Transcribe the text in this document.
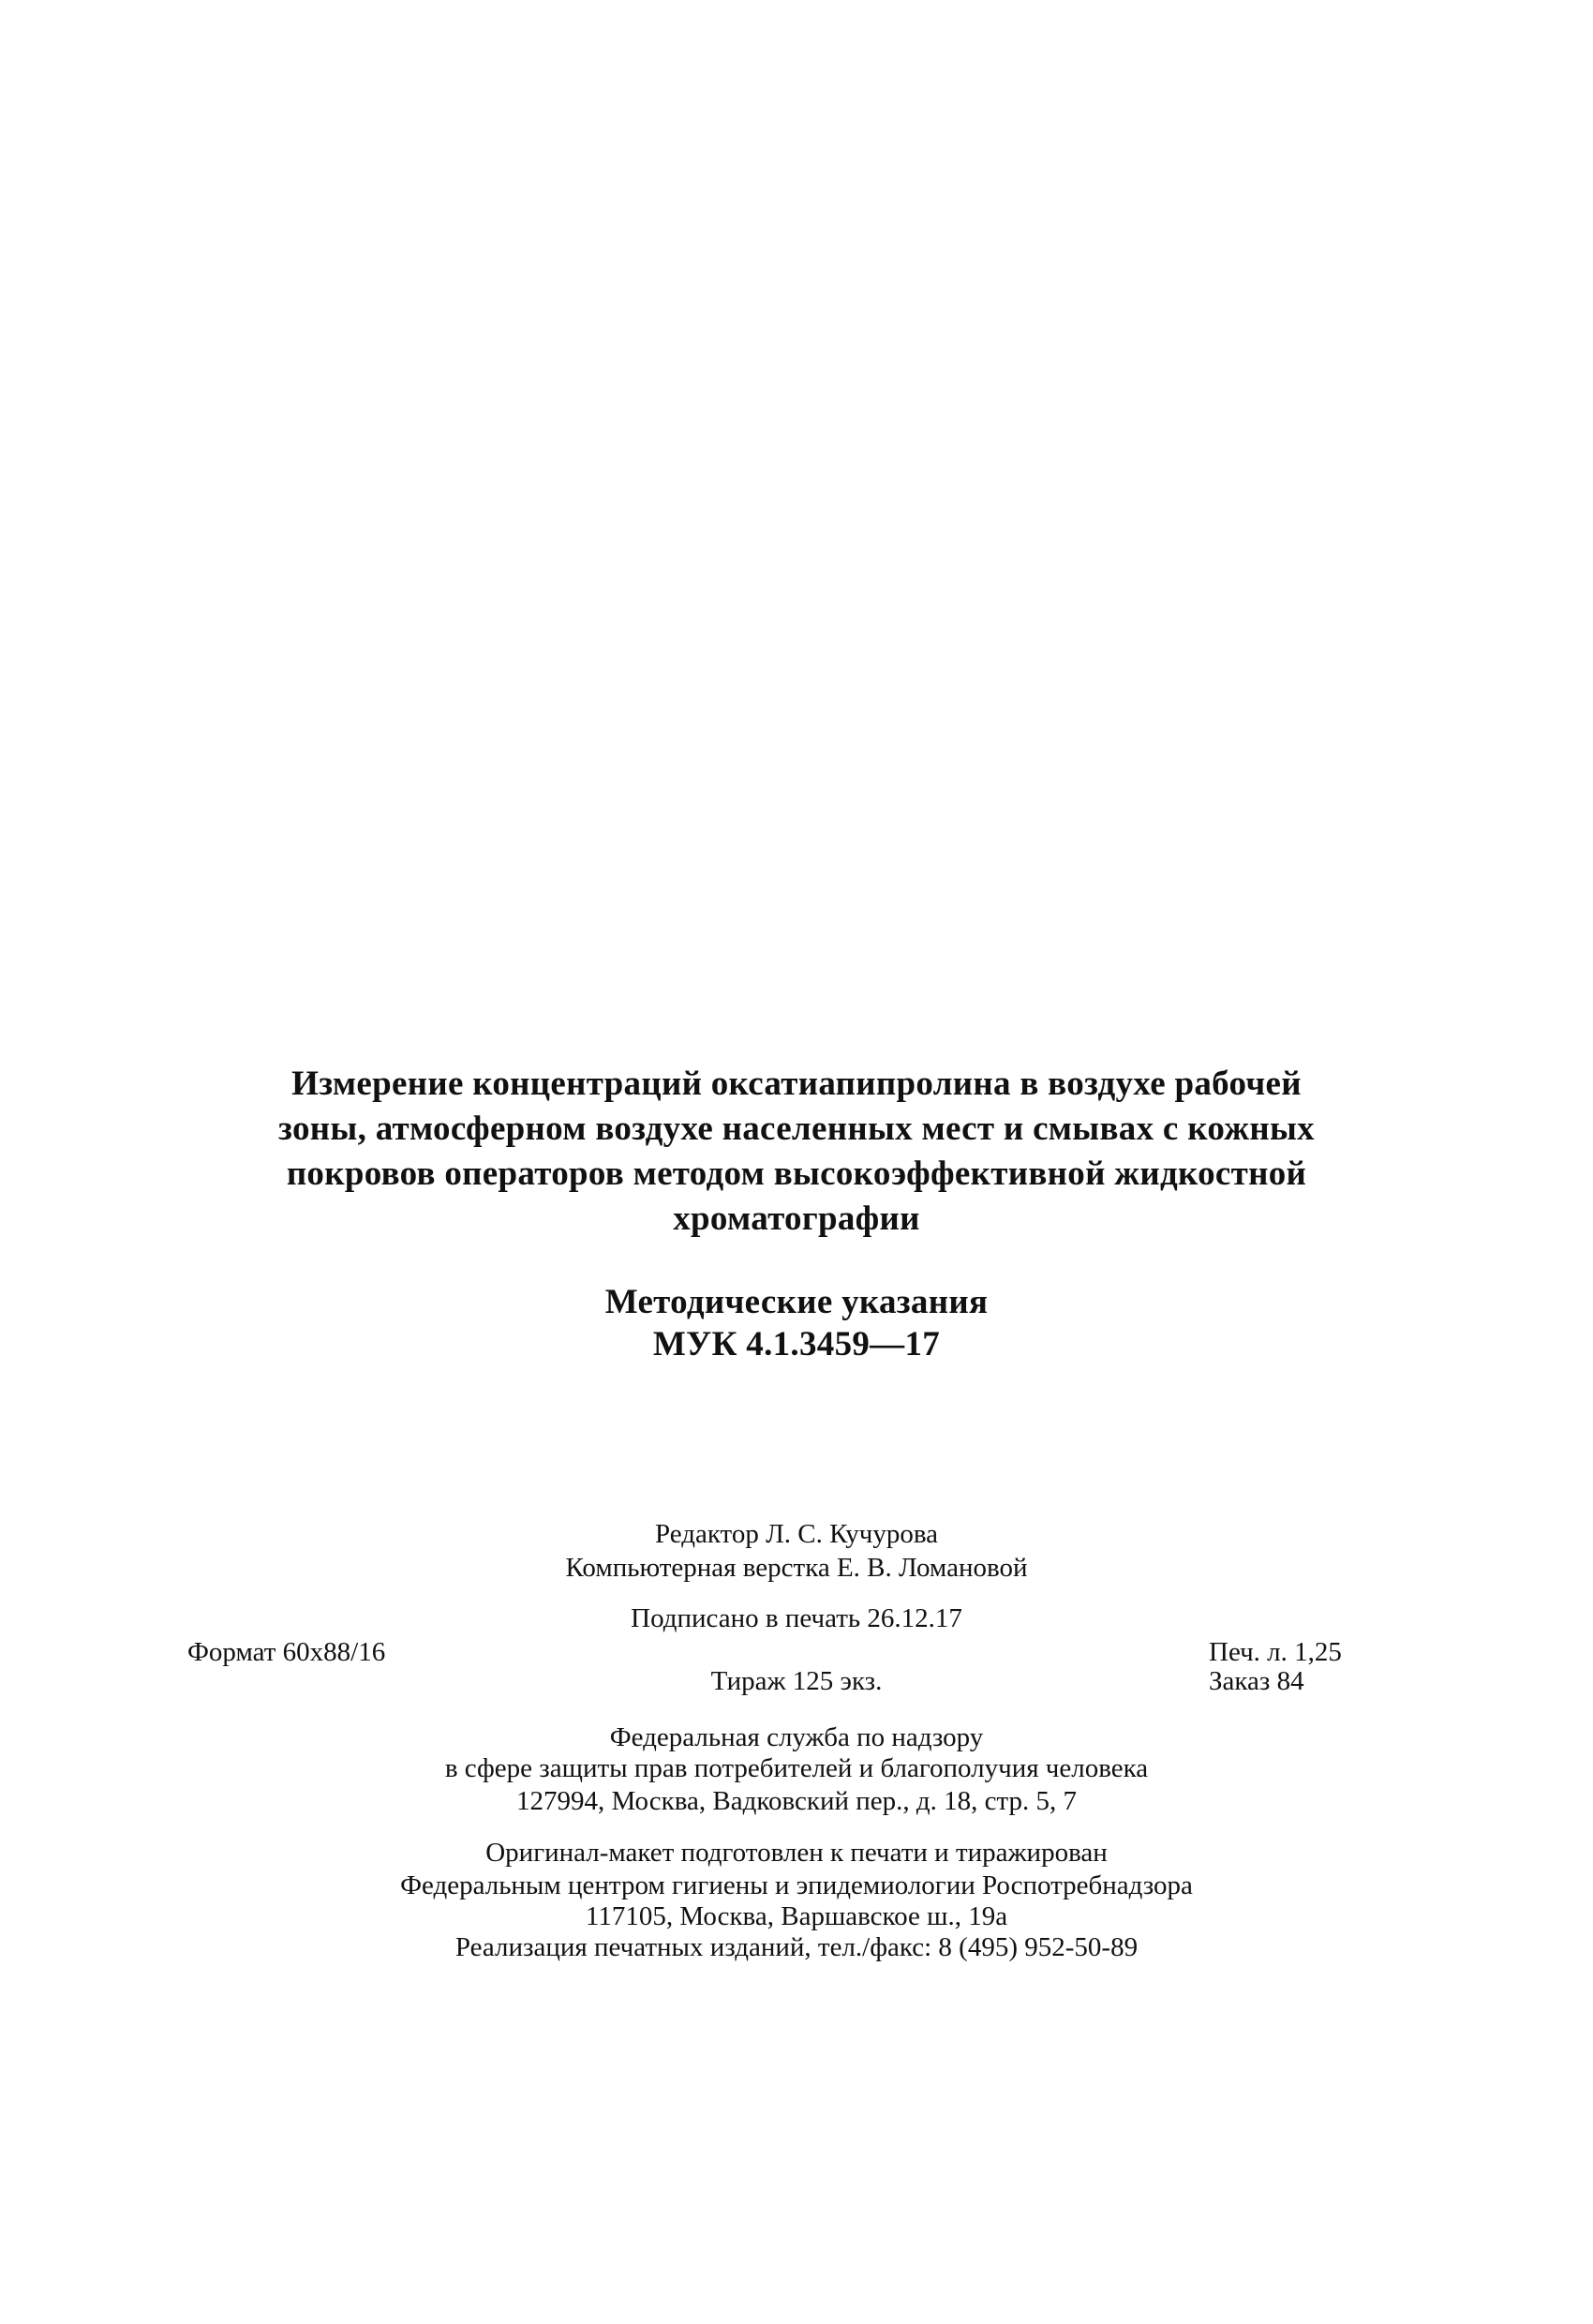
Измерение концентраций оксатиапипролина в воздухе рабочей
зоны, атмосферном воздухе населенных мест и смывах с кожных
покровов операторов методом высокоэффективной жидкостной
хроматографии
Методические указания
МУК 4.1.3459—17
Редактор Л. С. Кучурова
Компьютерная верстка Е. В. Ломановой
Подписано в печать 26.12.17
Формат 60x88/16	Печ. л. 1,25
Тираж 125 экз.	Заказ 84
Федеральная служба по надзору
в сфере защиты прав потребителей и благополучия человека
127994, Москва, Вадковский пер., д. 18, стр. 5, 7
Оригинал-макет подготовлен к печати и тиражирован
Федеральным центром гигиены и эпидемиологии Роспотребнадзора
117105, Москва, Варшавское ш., 19а
Реализация печатных изданий, тел./факс: 8 (495) 952-50-89
